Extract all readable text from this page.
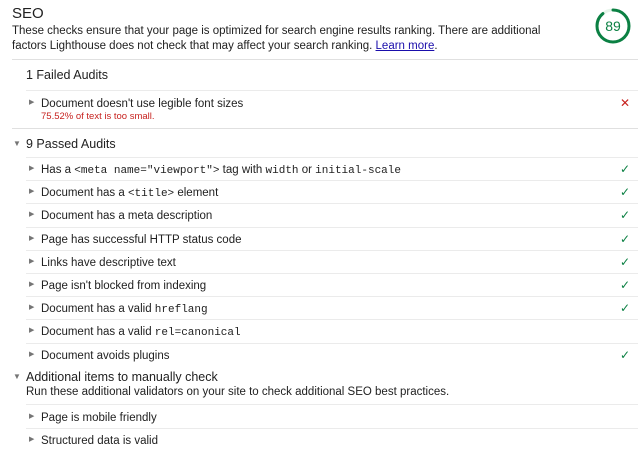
SEO
These checks ensure that your page is optimized for search engine results ranking. There are additional factors Lighthouse does not check that may affect your search ranking. Learn more.
89
1 Failed Audits
▶ Document doesn't use legible font sizes	✕
75.52% of text is too small.
▼ 9 Passed Audits
▶ Has a <meta name="viewport"> tag with width or initial-scale	✓
▶ Document has a <title> element	✓
▶ Document has a meta description	✓
▶ Page has successful HTTP status code	✓
▶ Links have descriptive text	✓
▶ Page isn't blocked from indexing	✓
▶ Document has a valid hreflang	✓
▶ Document has a valid rel=canonical
▶ Document avoids plugins	✓
▼ Additional items to manually check
Run these additional validators on your site to check additional SEO best practices.
▶ Page is mobile friendly
▶ Structured data is valid
